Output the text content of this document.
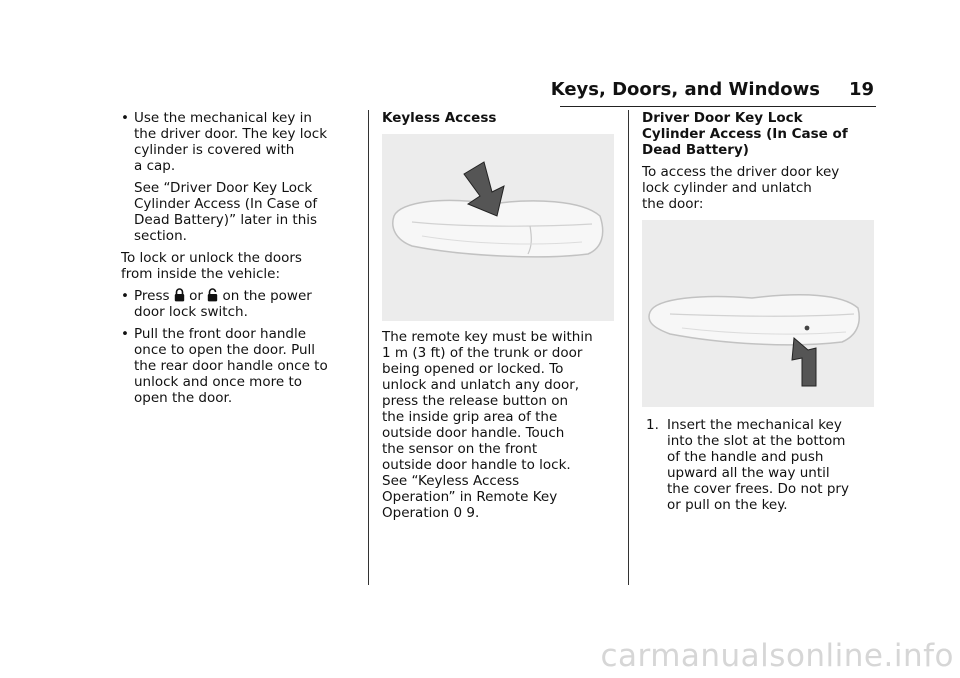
Keys, Doors, and Windows 19

• Use the mechanical key in
the driver door. The key lock
cylinder is covered with
a cap.

See “Driver Door Key Lock
Cylinder Access (In Case of
Dead Battery)” later in this
section.

To lock or unlock the doors
from inside the vehicle:

• Press or on the power
door lock switch.

• Pull the front door handle
once to open the door. Pull
the rear door handle once to
unlock and once more to
open the door.

Keyless Access

The remote key must be within
1 m (3 ft) of the trunk or door
being opened or locked. To
unlock and unlatch any door,
press the release button on
the inside grip area of the
outside door handle. Touch
the sensor on the front
outside door handle to lock.
See “Keyless Access
Operation” in Remote Key
Operation 0 9.

Driver Door Key Lock
Cylinder Access (In Case of
Dead Battery)

To access the driver door key
lock cylinder and unlatch
the door:

1. Insert the mechanical key
into the slot at the bottom
of the handle and push
upward all the way until
the cover frees. Do not pry
or pull on the key.

carmanualsonline.info
